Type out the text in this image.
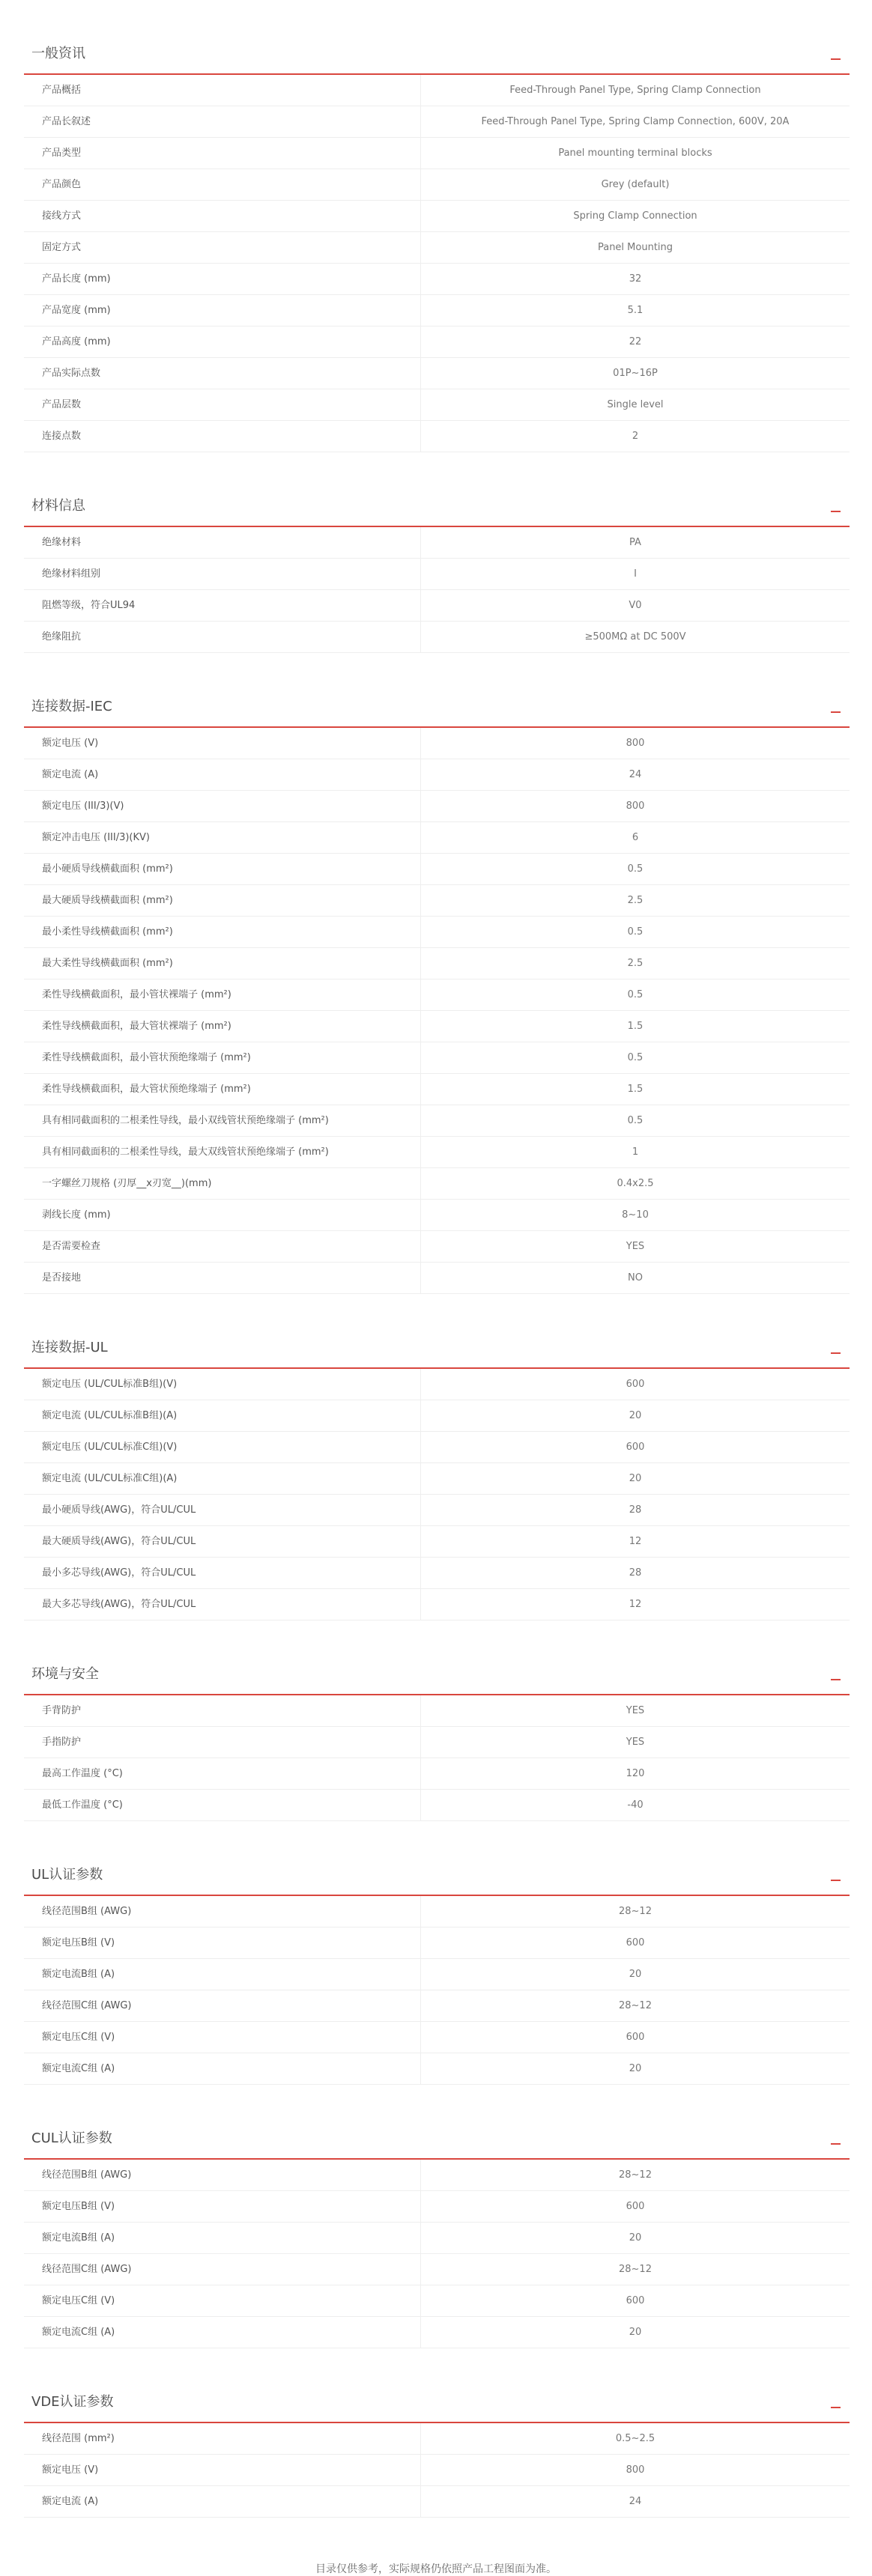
一般资讯
产品概括	Feed-Through Panel Type, Spring Clamp Connection
产品长叙述	Feed-Through Panel Type, Spring Clamp Connection, 600V, 20A
产品类型	Panel mounting terminal blocks
产品颜色	Grey (default)
接线方式	Spring Clamp Connection
固定方式	Panel Mounting
产品长度 (mm)	32
产品宽度 (mm)	5.1
产品高度 (mm)	22
产品实际点数	01P~16P
产品层数	Single level
连接点数	2
材料信息
绝缘材料	PA
绝缘材料组别	I
阻燃等级，符合UL94	V0
绝缘阻抗	≥500MΩ at DC 500V
连接数据-IEC
额定电压 (V)	800
额定电流 (A)	24
额定电压 (III/3)(V)	800
额定冲击电压 (III/3)(KV)	6
最小硬质导线横截面积 (mm²)	0.5
最大硬质导线横截面积 (mm²)	2.5
最小柔性导线横截面积 (mm²)	0.5
最大柔性导线横截面积 (mm²)	2.5
柔性导线横截面积，最小管状裸端子 (mm²)	0.5
柔性导线横截面积，最大管状裸端子 (mm²)	1.5
柔性导线横截面积，最小管状预绝缘端子 (mm²)	0.5
柔性导线横截面积，最大管状预绝缘端子 (mm²)	1.5
具有相同截面积的二根柔性导线，最小双线管状预绝缘端子 (mm²)	0.5
具有相同截面积的二根柔性导线，最大双线管状预绝缘端子 (mm²)	1
一字螺丝刀规格 (刃厚__x刃宽__)(mm)	0.4x2.5
剥线长度 (mm)	8~10
是否需要检查	YES
是否接地	NO
连接数据-UL
额定电压 (UL/CUL标准B组)(V)	600
额定电流 (UL/CUL标准B组)(A)	20
额定电压 (UL/CUL标准C组)(V)	600
额定电流 (UL/CUL标准C组)(A)	20
最小硬质导线(AWG)，符合UL/CUL	28
最大硬质导线(AWG)，符合UL/CUL	12
最小多芯导线(AWG)，符合UL/CUL	28
最大多芯导线(AWG)，符合UL/CUL	12
环境与安全
手背防护	YES
手指防护	YES
最高工作温度 (°C)	120
最低工作温度 (°C)	-40
UL认证参数
线径范围B组 (AWG)	28~12
额定电压B组 (V)	600
额定电流B组 (A)	20
线径范围C组 (AWG)	28~12
额定电压C组 (V)	600
额定电流C组 (A)	20
CUL认证参数
线径范围B组 (AWG)	28~12
额定电压B组 (V)	600
额定电流B组 (A)	20
线径范围C组 (AWG)	28~12
额定电压C组 (V)	600
额定电流C组 (A)	20
VDE认证参数
线径范围 (mm²)	0.5~2.5
额定电压 (V)	800
额定电流 (A)	24
目录仅供参考，实际规格仍依照产品工程图面为准。
